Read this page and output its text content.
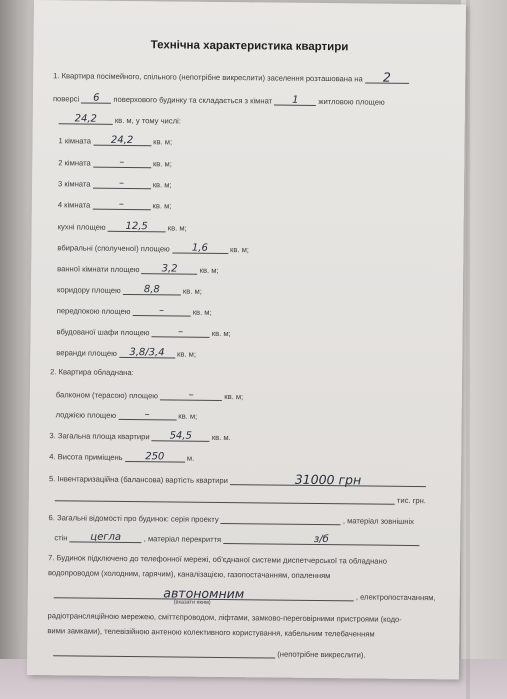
Технічна характеристика квартири
1. Квартира посімейного, спільного (непотрібне викреслити) заселення розташована на	2
поверсі	6	поверхового будинку та складається з кімнат	1	житловою площею
24,2	кв. м, у тому числі:
1 кімната	24,2	кв. м;
2 кімната	–	кв. м;
3 кімната	–	кв. м;
4 кімната	–	кв. м;
кухні площею	12,5	кв. м;
вбиральні (сполученої) площею	1,6	кв. м;
ванної кімнати площею	3,2	кв. м;
коридору площею	8,8	кв. м;
передпокою площею	–	кв. м;
вбудованої шафи площею	–	кв. м;
веранди площею	3,8/3,4	кв. м;
2. Квартира обладнана:
балконом (терасою) площею	–	кв. м;
лоджією площею	–	кв. м;
3. Загальна площа квартири	54,5	кв. м.
4. Висота приміщень	250	м.
5. Інвентаризаційна (балансова) вартість квартири	31000 грн
тис. грн.
6. Загальні відомості про будинок: серія проекту	, матеріал зовнішніх
стін	цегла	, матеріал перекриття	з/б
7. Будинок підключено до телефонної мережі, об'єднаної системи диспетчерської та обладнано
водопроводом (холодним, гарячим), каналізацією, газопостачанням, опаленням
автономним
(вказати яким)
, електропостачанням,
радіотрансляційною мережею, сміттєпроводом, ліфтами, замково-переговірними пристроями (кодо-
вими замками), телевізійною антеною колективного користування, кабельним телебаченням
(непотрібне викреслити).
